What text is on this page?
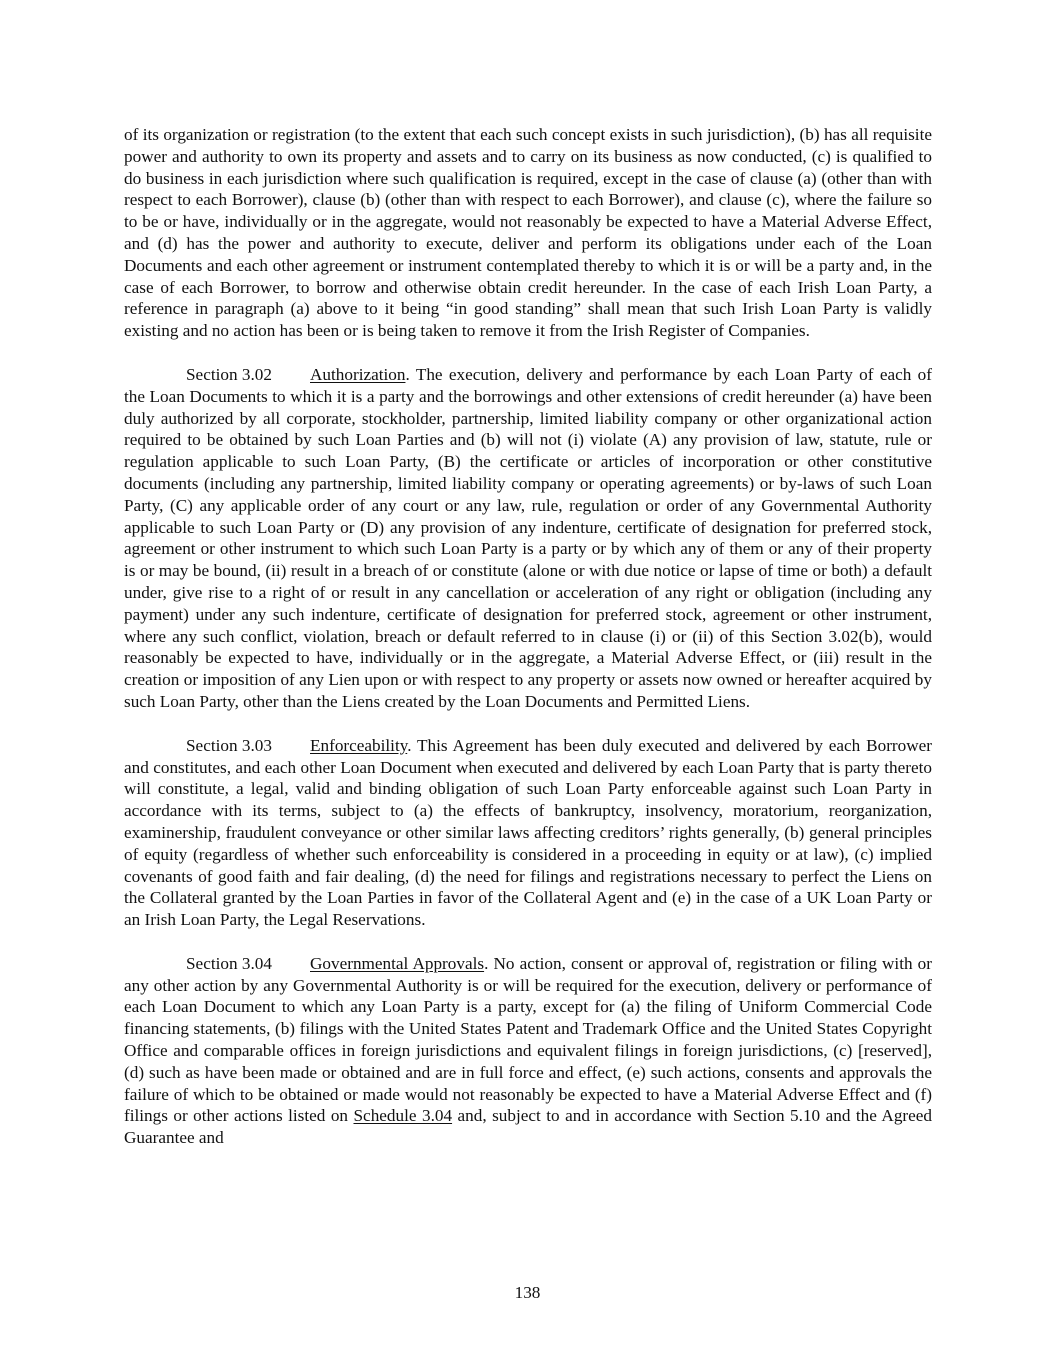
of its organization or registration (to the extent that each such concept exists in such jurisdiction), (b) has all requisite power and authority to own its property and assets and to carry on its business as now conducted, (c) is qualified to do business in each jurisdiction where such qualification is required, except in the case of clause (a) (other than with respect to each Borrower), clause (b) (other than with respect to each Borrower), and clause (c), where the failure so to be or have, individually or in the aggregate, would not reasonably be expected to have a Material Adverse Effect, and (d) has the power and authority to execute, deliver and perform its obligations under each of the Loan Documents and each other agreement or instrument contemplated thereby to which it is or will be a party and, in the case of each Borrower, to borrow and otherwise obtain credit hereunder. In the case of each Irish Loan Party, a reference in paragraph (a) above to it being “in good standing” shall mean that such Irish Loan Party is validly existing and no action has been or is being taken to remove it from the Irish Register of Companies.

Section 3.02 Authorization. The execution, delivery and performance by each Loan Party of each of the Loan Documents to which it is a party and the borrowings and other extensions of credit hereunder (a) have been duly authorized by all corporate, stockholder, partnership, limited liability company or other organizational action required to be obtained by such Loan Parties and (b) will not (i) violate (A) any provision of law, statute, rule or regulation applicable to such Loan Party, (B) the certificate or articles of incorporation or other constitutive documents (including any partnership, limited liability company or operating agreements) or by-laws of such Loan Party, (C) any applicable order of any court or any law, rule, regulation or order of any Governmental Authority applicable to such Loan Party or (D) any provision of any indenture, certificate of designation for preferred stock, agreement or other instrument to which such Loan Party is a party or by which any of them or any of their property is or may be bound, (ii) result in a breach of or constitute (alone or with due notice or lapse of time or both) a default under, give rise to a right of or result in any cancellation or acceleration of any right or obligation (including any payment) under any such indenture, certificate of designation for preferred stock, agreement or other instrument, where any such conflict, violation, breach or default referred to in clause (i) or (ii) of this Section 3.02(b), would reasonably be expected to have, individually or in the aggregate, a Material Adverse Effect, or (iii) result in the creation or imposition of any Lien upon or with respect to any property or assets now owned or hereafter acquired by such Loan Party, other than the Liens created by the Loan Documents and Permitted Liens.

Section 3.03 Enforceability. This Agreement has been duly executed and delivered by each Borrower and constitutes, and each other Loan Document when executed and delivered by each Loan Party that is party thereto will constitute, a legal, valid and binding obligation of such Loan Party enforceable against such Loan Party in accordance with its terms, subject to (a) the effects of bankruptcy, insolvency, moratorium, reorganization, examinership, fraudulent conveyance or other similar laws affecting creditors’ rights generally, (b) general principles of equity (regardless of whether such enforceability is considered in a proceeding in equity or at law), (c) implied covenants of good faith and fair dealing, (d) the need for filings and registrations necessary to perfect the Liens on the Collateral granted by the Loan Parties in favor of the Collateral Agent and (e) in the case of a UK Loan Party or an Irish Loan Party, the Legal Reservations.

Section 3.04 Governmental Approvals. No action, consent or approval of, registration or filing with or any other action by any Governmental Authority is or will be required for the execution, delivery or performance of each Loan Document to which any Loan Party is a party, except for (a) the filing of Uniform Commercial Code financing statements, (b) filings with the United States Patent and Trademark Office and the United States Copyright Office and comparable offices in foreign jurisdictions and equivalent filings in foreign jurisdictions, (c) [reserved], (d) such as have been made or obtained and are in full force and effect, (e) such actions, consents and approvals the failure of which to be obtained or made would not reasonably be expected to have a Material Adverse Effect and (f) filings or other actions listed on Schedule 3.04 and, subject to and in accordance with Section 5.10 and the Agreed Guarantee and

138
